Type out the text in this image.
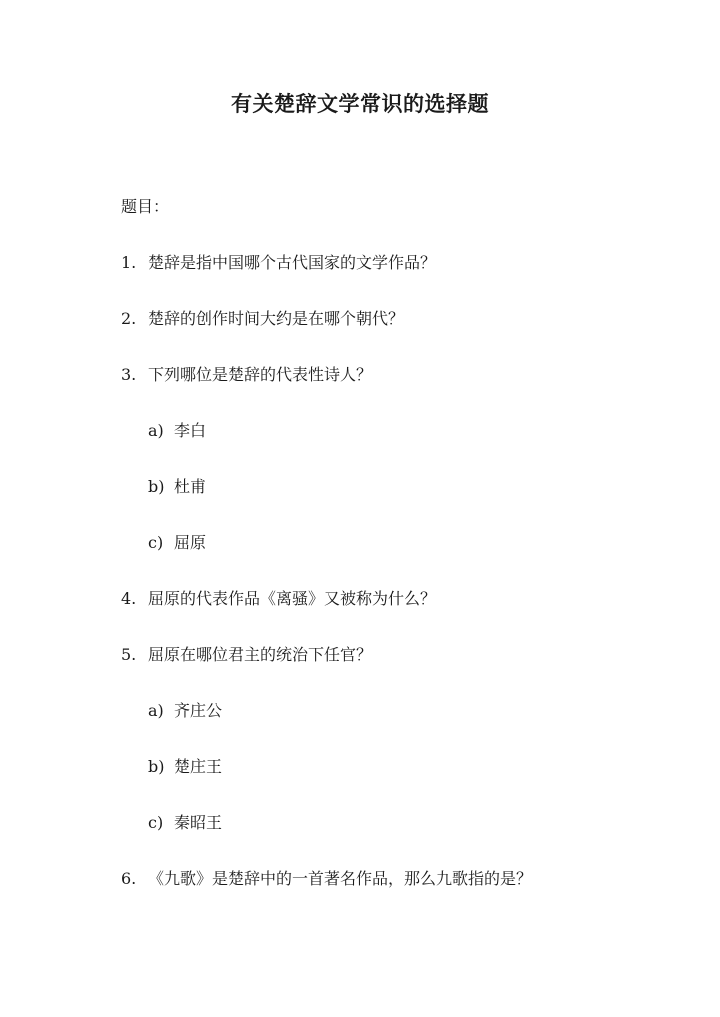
有关楚辞文学常识的选择题
题目：
1. 楚辞是指中国哪个古代国家的文学作品？
2. 楚辞的创作时间大约是在哪个朝代？
3. 下列哪位是楚辞的代表性诗人？
a) 李白
b) 杜甫
c) 屈原
4. 屈原的代表作品《离骚》又被称为什么？
5. 屈原在哪位君主的统治下任官？
a) 齐庄公
b) 楚庄王
c) 秦昭王
6. 《九歌》是楚辞中的一首著名作品，那么九歌指的是？
